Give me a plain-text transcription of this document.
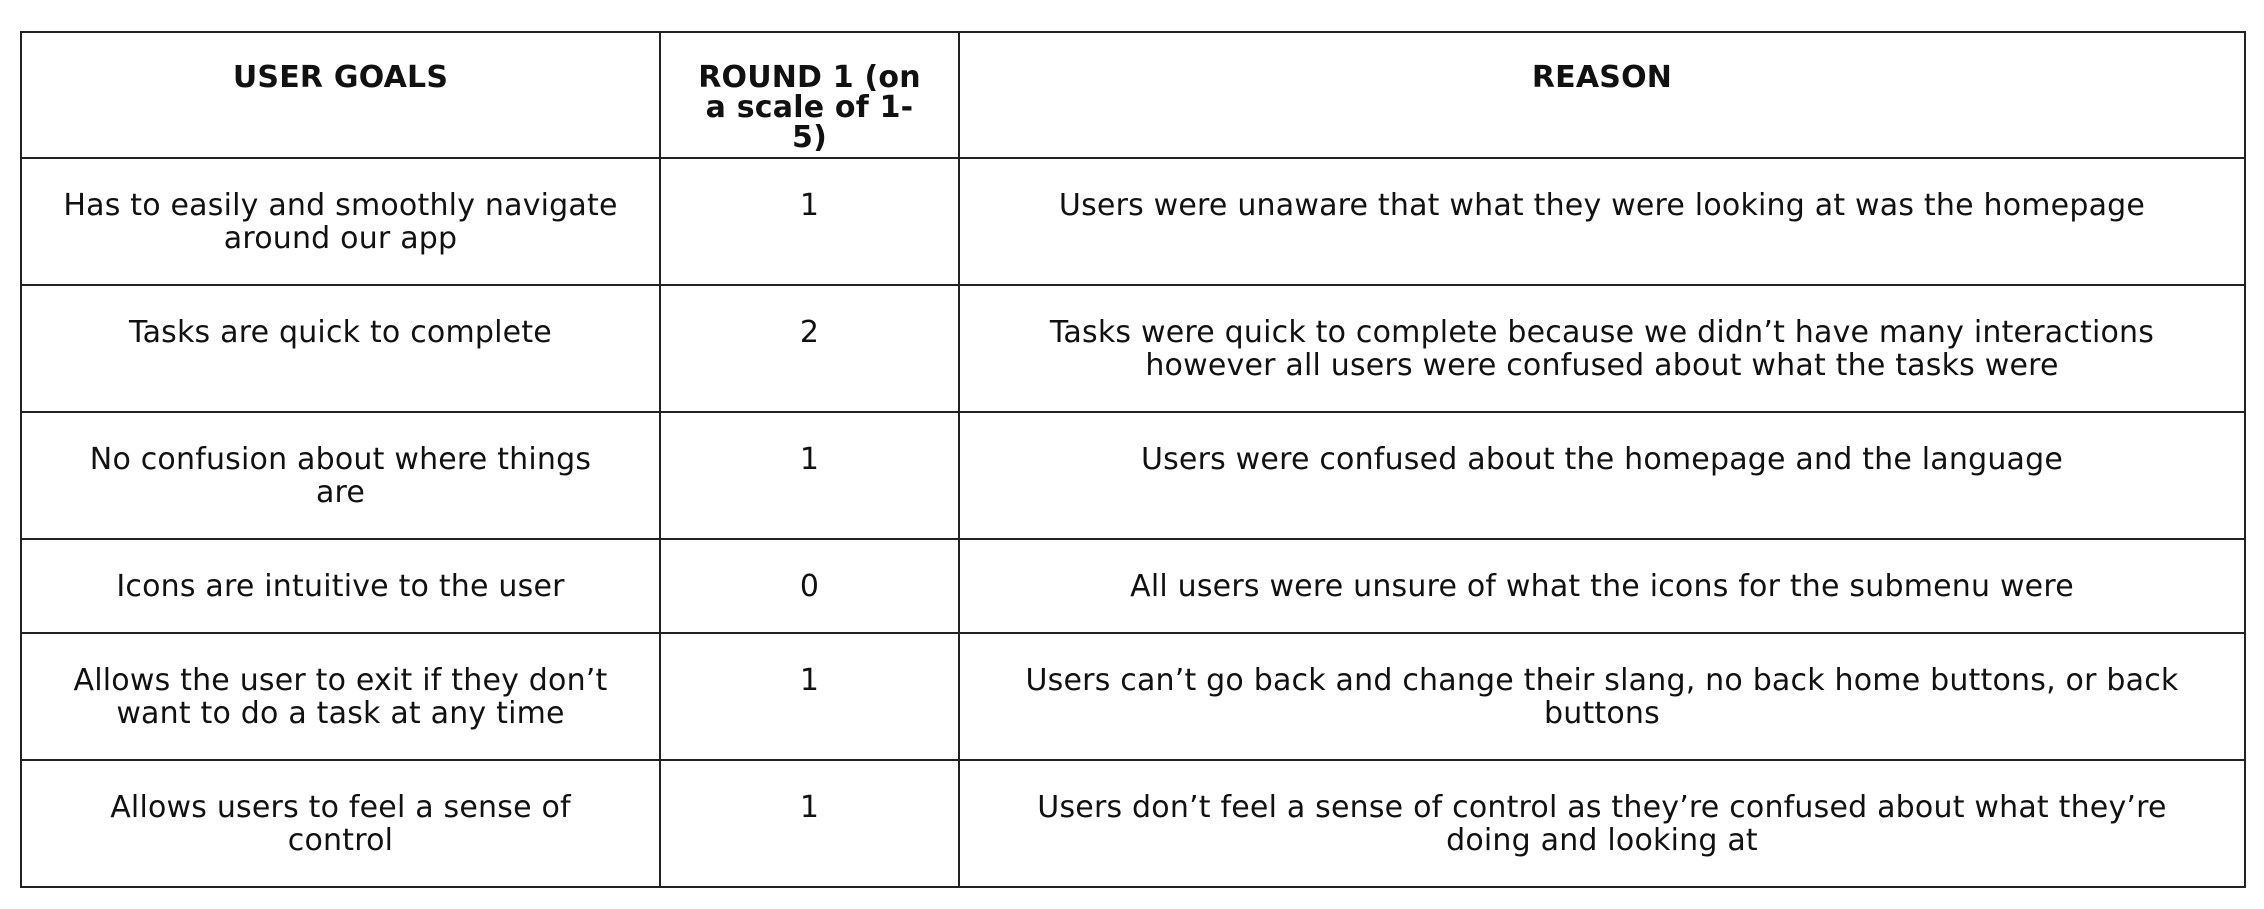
USER GOALS	ROUND 1 (on a scale of 1-5)	REASON
Has to easily and smoothly navigate around our app	1	Users were unaware that what they were looking at was the homepage
Tasks are quick to complete	2	Tasks were quick to complete because we didn’t have many interactions however all users were confused about what the tasks were
No confusion about where things are	1	Users were confused about the homepage and the language
Icons are intuitive to the user	0	All users were unsure of what the icons for the submenu were
Allows the user to exit if they don’t want to do a task at any time	1	Users can’t go back and change their slang, no back home buttons, or back buttons
Allows users to feel a sense of control	1	Users don’t feel a sense of control as they’re confused about what they’re doing and looking at
